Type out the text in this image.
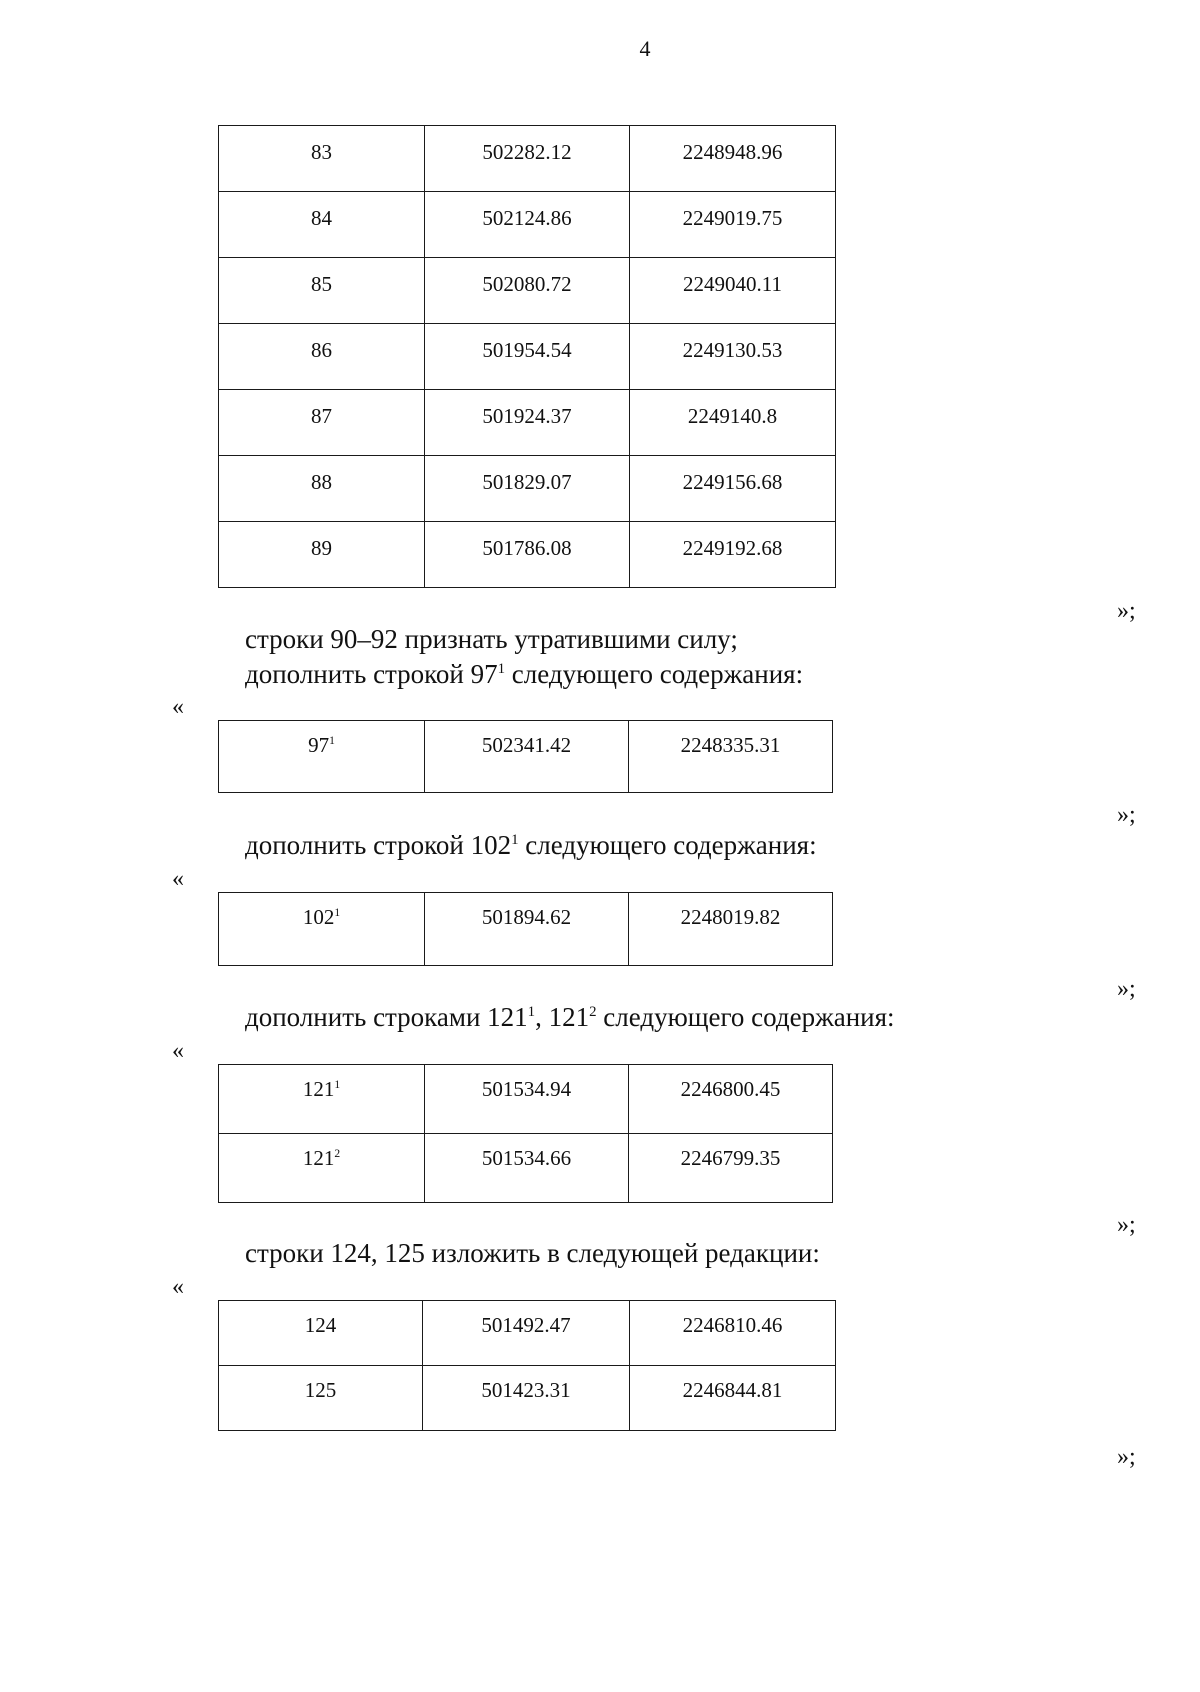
4
83	502282.12	2248948.96
84	502124.86	2249019.75
85	502080.72	2249040.11
86	501954.54	2249130.53
87	501924.37	2249140.8
88	501829.07	2249156.68
89	501786.08	2249192.68
»;
строки 90–92 признать утратившими силу;
дополнить строкой $97^1$ следующего содержания:
«
$97^1$	502341.42	2248335.31
»;
дополнить строкой $102^1$ следующего содержания:
«
$102^1$	501894.62	2248019.82
»;
дополнить строками $121^1$, $121^2$ следующего содержания:
«
$121^1$	501534.94	2246800.45
$121^2$	501534.66	2246799.35
»;
строки 124, 125 изложить в следующей редакции:
«
124	501492.47	2246810.46
125	501423.31	2246844.81
»;
